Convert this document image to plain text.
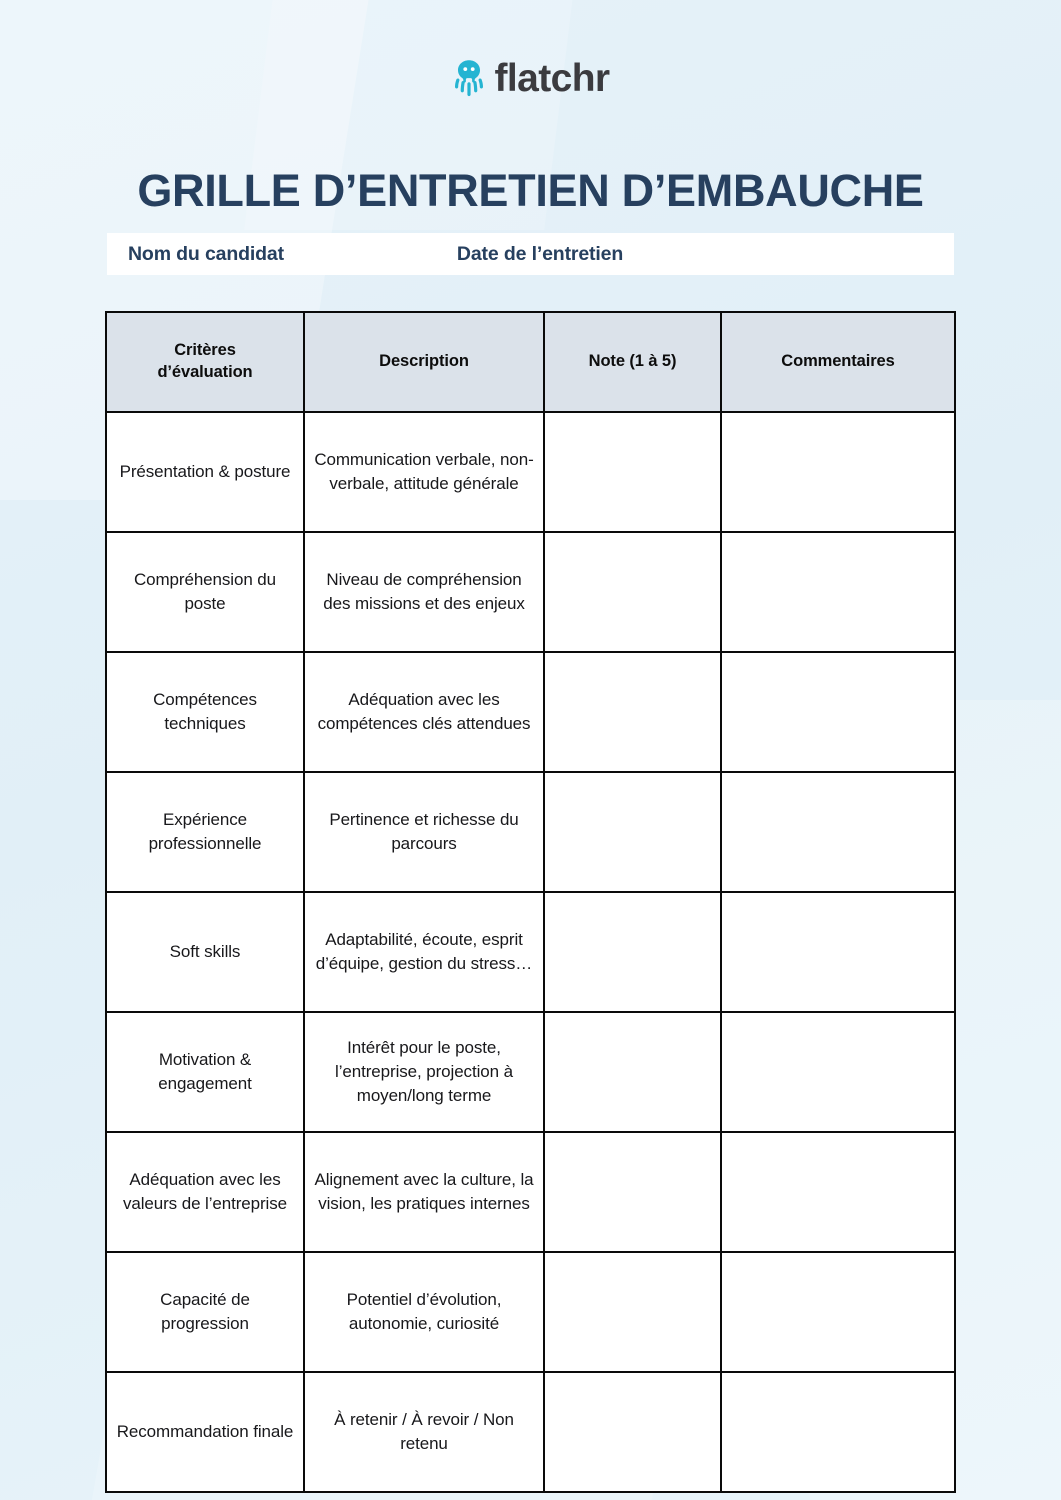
flatchr
GRILLE D’ENTRETIEN D’EMBAUCHE
Nom du candidat	Date de l’entretien
Critères
d’évaluation	Description	Note (1 à 5)	Commentaires
Présentation & posture	Communication verbale, non-verbale, attitude générale		
Compréhension du poste	Niveau de compréhension des missions et des enjeux		
Compétences techniques	Adéquation avec les compétences clés attendues		
Expérience professionnelle	Pertinence et richesse du parcours		
Soft skills	Adaptabilité, écoute, esprit d’équipe, gestion du stress…		
Motivation & engagement	Intérêt pour le poste, l’entreprise, projection à moyen/long terme		
Adéquation avec les valeurs de l’entreprise	Alignement avec la culture, la vision, les pratiques internes		
Capacité de progression	Potentiel d’évolution, autonomie, curiosité		
Recommandation finale	À retenir / À revoir / Non retenu		
